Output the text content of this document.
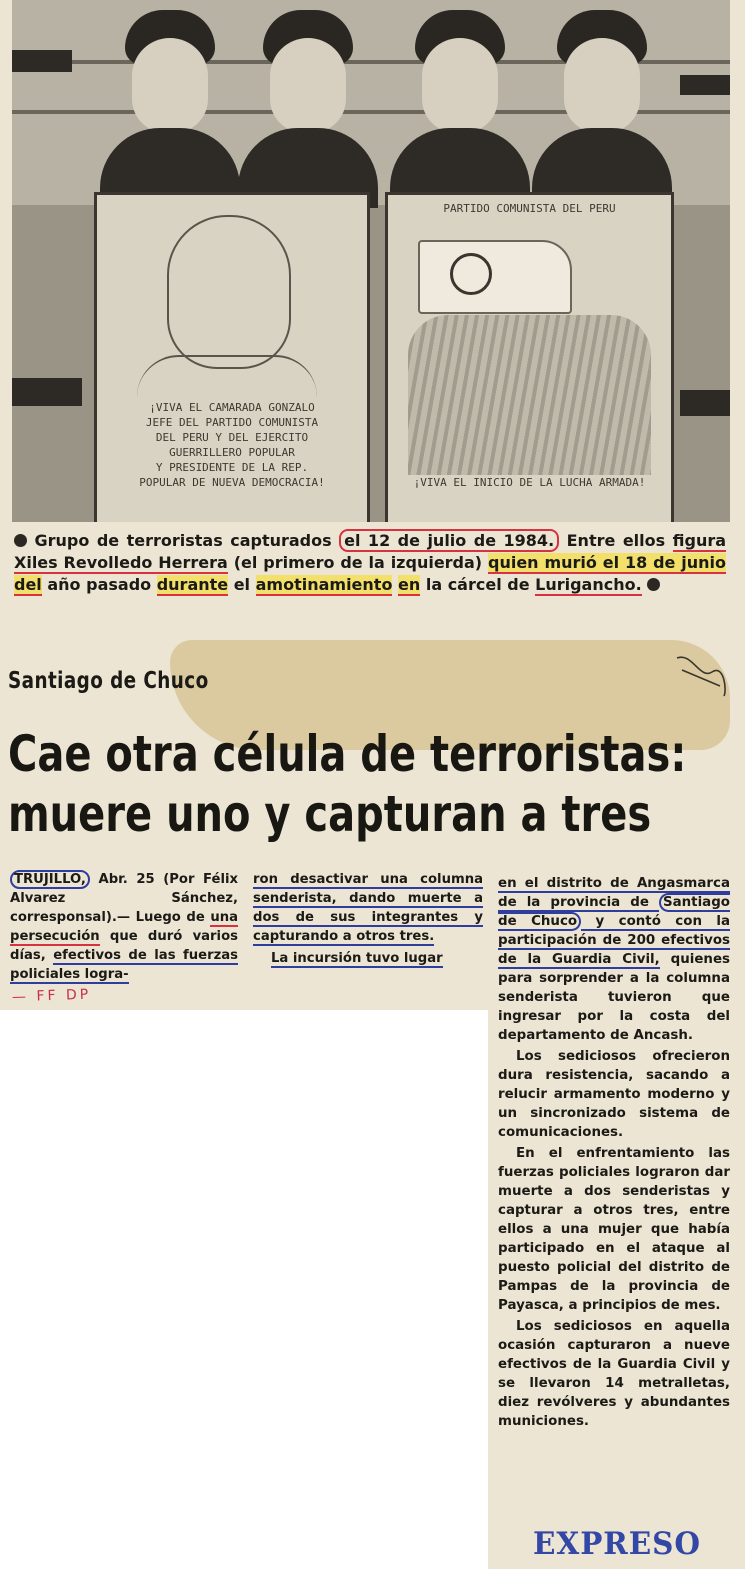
¡VIVA EL CAMARADA GONZALO
JEFE DEL PARTIDO COMUNISTA
DEL PERU Y DEL EJERCITO
GUERRILLERO POPULAR
Y PRESIDENTE DE LA REP.
POPULAR DE NUEVA DEMOCRACIA!
PARTIDO COMUNISTA DEL PERU
¡VIVA EL INICIO DE LA LUCHA ARMADA!
Grupo de terroristas capturados el 12 de julio de 1984. Entre ellos figura Xiles Revolledo Herrera (el primero de la izquierda) quien murió el 18 de junio del año pasado durante el amotinamiento en la cárcel de Lurigancho.
Santiago de Chuco
Cae otra célula de terroristas:
muere uno y capturan a tres

TRUJILLO, Abr. 25 (Por Félix Alvarez Sánchez, corresponsal).— Luego de una persecución que duró varios días, efectivos de las fuerzas policiales logra-

— FF DP

ron desactivar una columna senderista, dando muerte a dos de sus integrantes y capturando a otros tres.

La incursión tuvo lugar

en el distrito de Angasmarca de la provincia de Santiago de Chuco y contó con la participación de 200 efectivos de la Guardia Civil, quienes para sorprender a la columna senderista tuvieron que ingresar por la costa del departamento de Ancash.

Los sediciosos ofrecieron dura resistencia, sacando a relucir armamento moderno y un sincronizado sistema de comunicaciones.

En el enfrentamiento las fuerzas policiales lograron dar muerte a dos senderistas y capturar a otros tres, entre ellos a una mujer que había participado en el ataque al puesto policial del distrito de Pampas de la provincia de Payasca, a principios de mes.

Los sediciosos en aquella ocasión capturaron a nueve efectivos de la Guardia Civil y se llevaron 14 metralletas, diez revólveres y abundantes municiones.

EXPRESO
